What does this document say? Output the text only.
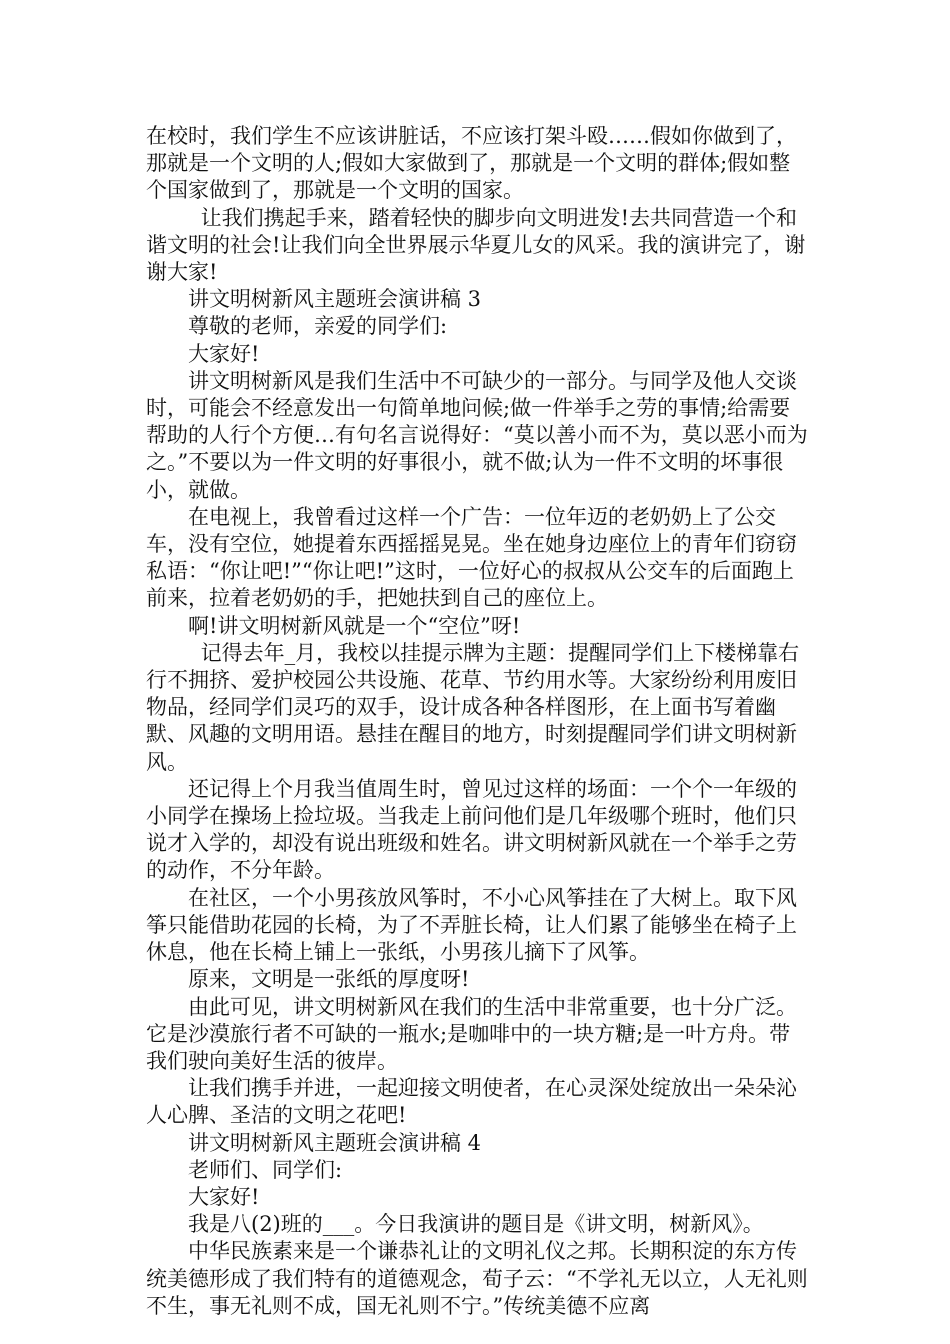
在校时，我们学生不应该讲脏话，不应该打架斗殴……假如你做到了，那就是一个文明的人;假如大家做到了，那就是一个文明的群体;假如整个国家做到了，那就是一个文明的国家。

让我们携起手来，踏着轻快的脚步向文明进发!去共同营造一个和谐文明的社会!让我们向全世界展示华夏儿女的风采。我的演讲完了，谢谢大家!

讲文明树新风主题班会演讲稿 3

尊敬的老师，亲爱的同学们:

大家好!

讲文明树新风是我们生活中不可缺少的一部分。与同学及他人交谈时，可能会不经意发出一句简单地问候;做一件举手之劳的事情;给需要帮助的人行个方便…有句名言说得好：“莫以善小而不为，莫以恶小而为之。”不要以为一件文明的好事很小，就不做;认为一件不文明的坏事很小，就做。

在电视上，我曾看过这样一个广告：一位年迈的老奶奶上了公交车，没有空位，她提着东西摇摇晃晃。坐在她身边座位上的青年们窃窃私语：“你让吧!”“你让吧!”这时，一位好心的叔叔从公交车的后面跑上前来，拉着老奶奶的手，把她扶到自己的座位上。

啊!讲文明树新风就是一个“空位”呀!

记得去年_月，我校以挂提示牌为主题：提醒同学们上下楼梯靠右行不拥挤、爱护校园公共设施、花草、节约用水等。大家纷纷利用废旧物品，经同学们灵巧的双手，设计成各种各样图形，在上面书写着幽默、风趣的文明用语。悬挂在醒目的地方，时刻提醒同学们讲文明树新风。

还记得上个月我当值周生时，曾见过这样的场面：一个个一年级的小同学在操场上捡垃圾。当我走上前问他们是几年级哪个班时，他们只说才入学的，却没有说出班级和姓名。讲文明树新风就在一个举手之劳的动作，不分年龄。

在社区，一个小男孩放风筝时，不小心风筝挂在了大树上。取下风筝只能借助花园的长椅，为了不弄脏长椅，让人们累了能够坐在椅子上休息，他在长椅上铺上一张纸，小男孩儿摘下了风筝。

原来，文明是一张纸的厚度呀!

由此可见，讲文明树新风在我们的生活中非常重要，也十分广泛。它是沙漠旅行者不可缺的一瓶水;是咖啡中的一块方糖;是一叶方舟。带我们驶向美好生活的彼岸。

让我们携手并进，一起迎接文明使者，在心灵深处绽放出一朵朵沁人心脾、圣洁的文明之花吧!

讲文明树新风主题班会演讲稿 4

老师们、同学们:

大家好!

我是八(2)班的___。今日我演讲的题目是《讲文明，树新风》。

中华民族素来是一个谦恭礼让的文明礼仪之邦。长期积淀的东方传统美德形成了我们特有的道德观念，荀子云：“不学礼无以立，人无礼则不生，事无礼则不成，国无礼则不宁。”传统美德不应离
